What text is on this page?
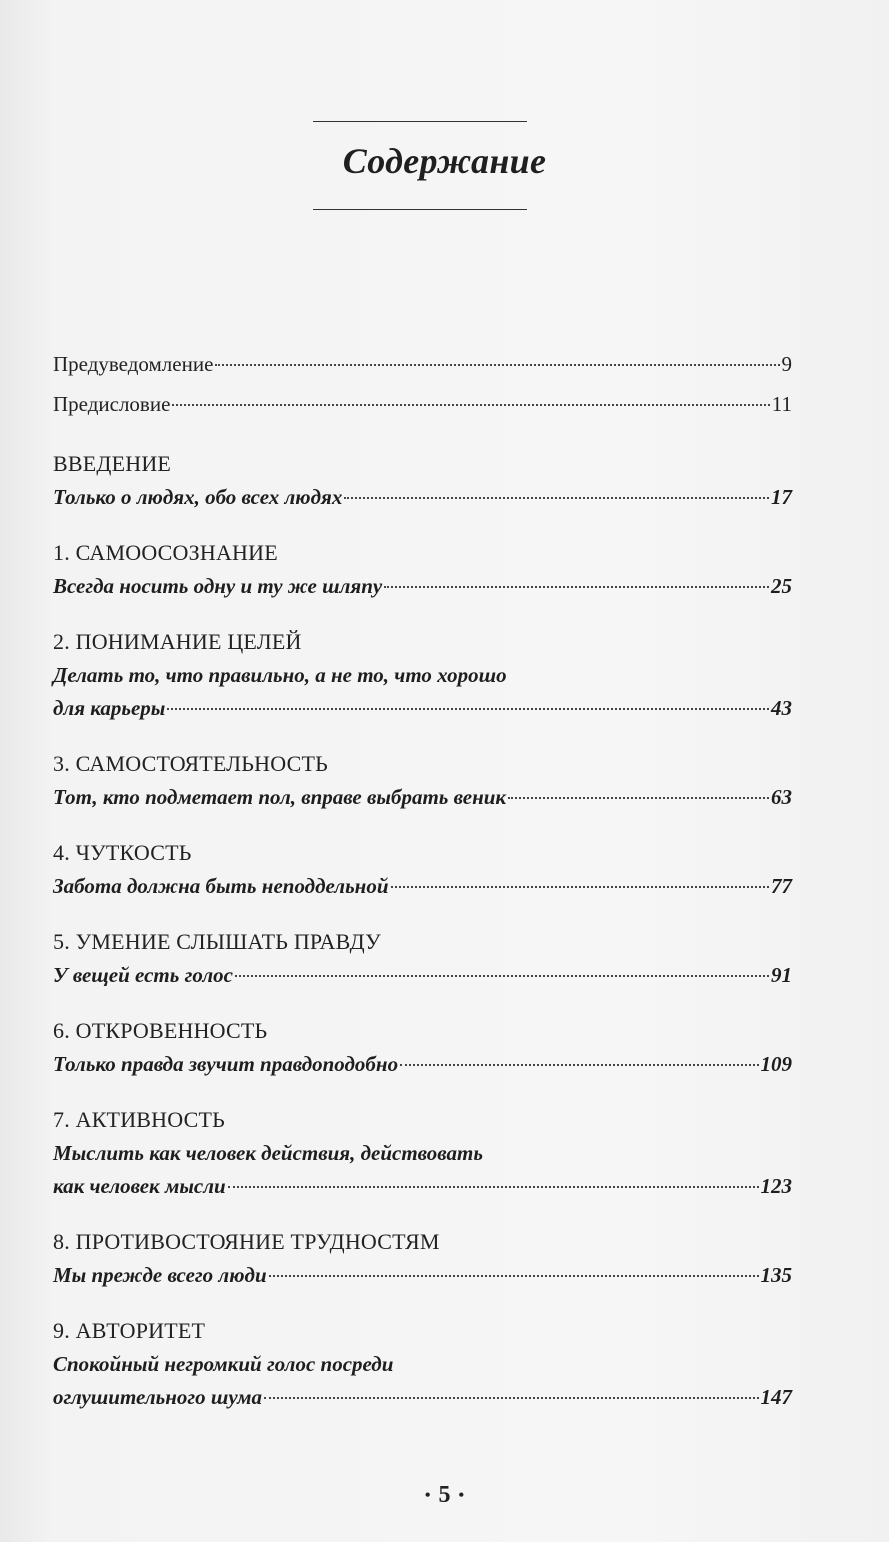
Содержание
Предуведомление	9
Предисловие	11
ВВЕДЕНИЕ
Только о людях, обо всех людях	17
1. САМООСОЗНАНИЕ
Всегда носить одну и ту же шляпу	25
2. ПОНИМАНИЕ ЦЕЛЕЙ
Делать то, что правильно, а не то, что хорошо
для карьеры	43
3. САМОСТОЯТЕЛЬНОСТЬ
Тот, кто подметает пол, вправе выбрать веник	63
4. ЧУТКОСТЬ
Забота должна быть неподдельной	77
5. УМЕНИЕ СЛЫШАТЬ ПРАВДУ
У вещей есть голос	91
6. ОТКРОВЕННОСТЬ
Только правда звучит правдоподобно	109
7. АКТИВНОСТЬ
Мыслить как человек действия, действовать
как человек мысли	123
8. ПРОТИВОСТОЯНИЕ ТРУДНОСТЯМ
Мы прежде всего люди	135
9. АВТОРИТЕТ
Спокойный негромкий голос посреди
оглушительного шума	147
• 5 •
